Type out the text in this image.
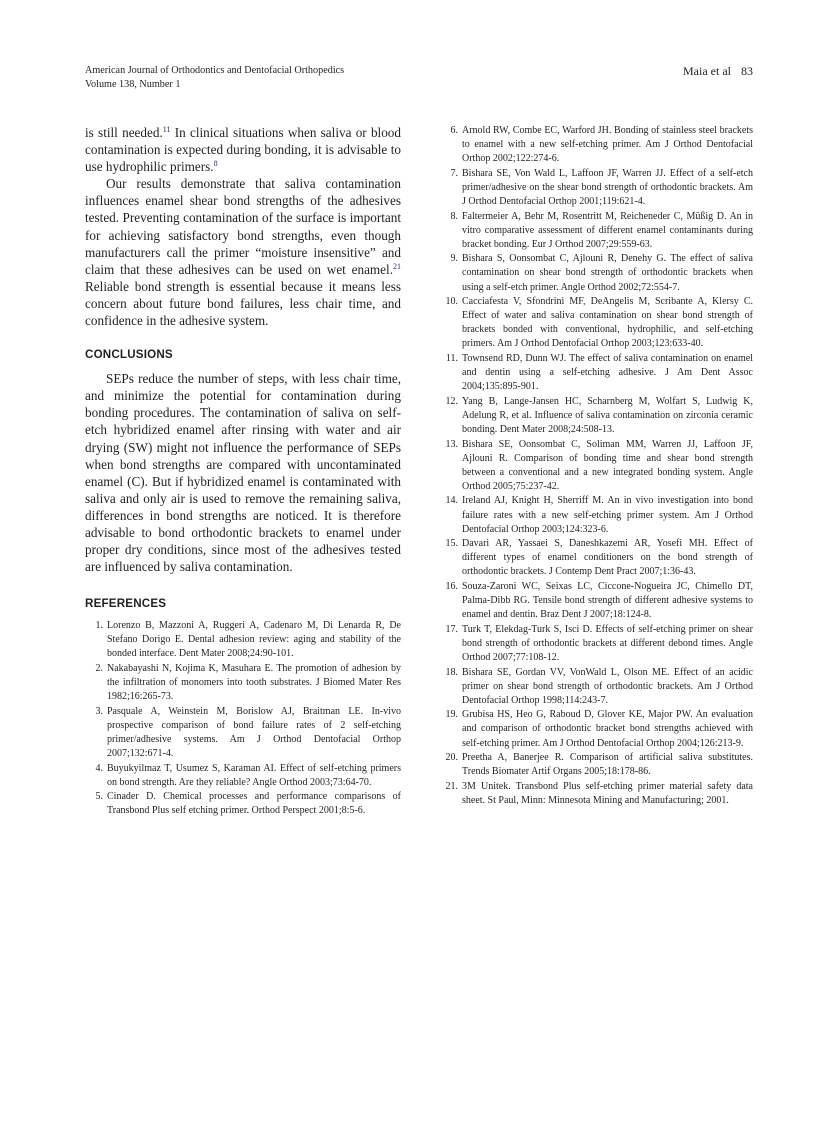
American Journal of Orthodontics and Dentofacial Orthopedics
Volume 138, Number 1
Maia et al 83

is still needed.$^{11}$ In clinical situations when saliva or blood contamination is expected during bonding, it is advisable to use hydrophilic primers.$^8$

Our results demonstrate that saliva contamination influences enamel shear bond strengths of the adhesives tested. Preventing contamination of the surface is important for achieving satisfactory bond strengths, even though manufacturers call the primer “moisture insensitive” and claim that these adhesives can be used on wet enamel.$^{21}$ Reliable bond strength is essential because it means less concern about future bond failures, less chair time, and confidence in the adhesive system.

CONCLUSIONS

SEPs reduce the number of steps, with less chair time, and minimize the potential for contamination during bonding procedures. The contamination of saliva on self-etch hybridized enamel after rinsing with water and air drying (SW) might not influence the performance of SEPs when bond strengths are compared with uncontaminated enamel (C). But if hybridized enamel is contaminated with saliva and only air is used to remove the remaining saliva, differences in bond strengths are noticed. It is therefore advisable to bond orthodontic brackets to enamel under proper dry conditions, since most of the adhesives tested are influenced by saliva contamination.

REFERENCES
1. Lorenzo B, Mazzoni A, Ruggeri A, Cadenaro M, Di Lenarda R, De Stefano Dorigo E. Dental adhesion review: aging and stability of the bonded interface. Dent Mater 2008;24:90-101.
2. Nakabayashi N, Kojima K, Masuhara E. The promotion of adhesion by the infiltration of monomers into tooth substrates. J Biomed Mater Res 1982;16:265-73.
3. Pasquale A, Weinstein M, Borislow AJ, Braitman LE. In-vivo prospective comparison of bond failure rates of 2 self-etching primer/adhesive systems. Am J Orthod Dentofacial Orthop 2007;132:671-4.
4. Buyukyilmaz T, Usumez S, Karaman AI. Effect of self-etching primers on bond strength. Are they reliable? Angle Orthod 2003;73:64-70.
5. Cinader D. Chemical processes and performance comparisons of Transbond Plus self etching primer. Orthod Perspect 2001;8:5-6.
6. Arnold RW, Combe EC, Warford JH. Bonding of stainless steel brackets to enamel with a new self-etching primer. Am J Orthod Dentofacial Orthop 2002;122:274-6.
7. Bishara SE, Von Wald L, Laffoon JF, Warren JJ. Effect of a self-etch primer/adhesive on the shear bond strength of orthodontic brackets. Am J Orthod Dentofacial Orthop 2001;119:621-4.
8. Faltermeier A, Behr M, Rosentritt M, Reicheneder C, Müßig D. An in vitro comparative assessment of different enamel contaminants during bracket bonding. Eur J Orthod 2007;29:559-63.
9. Bishara S, Oonsombat C, Ajlouni R, Denehy G. The effect of saliva contamination on shear bond strength of orthodontic brackets when using a self-etch primer. Angle Orthod 2002;72:554-7.
10. Cacciafesta V, Sfondrini MF, DeAngelis M, Scribante A, Klersy C. Effect of water and saliva contamination on shear bond strength of brackets bonded with conventional, hydrophilic, and self-etching primers. Am J Orthod Dentofacial Orthop 2003;123:633-40.
11. Townsend RD, Dunn WJ. The effect of saliva contamination on enamel and dentin using a self-etching adhesive. J Am Dent Assoc 2004;135:895-901.
12. Yang B, Lange-Jansen HC, Scharnberg M, Wolfart S, Ludwig K, Adelung R, et al. Influence of saliva contamination on zirconia ceramic bonding. Dent Mater 2008;24:508-13.
13. Bishara SE, Oonsombat C, Soliman MM, Warren JJ, Laffoon JF, Ajlouni R. Comparison of bonding time and shear bond strength between a conventional and a new integrated bonding system. Angle Orthod 2005;75:237-42.
14. Ireland AJ, Knight H, Sherriff M. An in vivo investigation into bond failure rates with a new self-etching primer system. Am J Orthod Dentofacial Orthop 2003;124:323-6.
15. Davari AR, Yassaei S, Daneshkazemi AR, Yosefi MH. Effect of different types of enamel conditioners on the bond strength of orthodontic brackets. J Contemp Dent Pract 2007;1:36-43.
16. Souza-Zaroni WC, Seixas LC, Ciccone-Nogueira JC, Chimello DT, Palma-Dibb RG. Tensile bond strength of different adhesive systems to enamel and dentin. Braz Dent J 2007;18:124-8.
17. Turk T, Elekdag-Turk S, Isci D. Effects of self-etching primer on shear bond strength of orthodontic brackets at different debond times. Angle Orthod 2007;77:108-12.
18. Bishara SE, Gordan VV, VonWald L, Olson ME. Effect of an acidic primer on shear bond strength of orthodontic brackets. Am J Orthod Dentofacial Orthop 1998;114:243-7.
19. Grubisa HS, Heo G, Raboud D, Glover KE, Major PW. An evaluation and comparison of orthodontic bracket bond strengths achieved with self-etching primer. Am J Orthod Dentofacial Orthop 2004;126:213-9.
20. Preetha A, Banerjee R. Comparison of artificial saliva substitutes. Trends Biomater Artif Organs 2005;18:178-86.
21. 3M Unitek. Transbond Plus self-etching primer material safety data sheet. St Paul, Minn: Minnesota Mining and Manufacturing; 2001.
